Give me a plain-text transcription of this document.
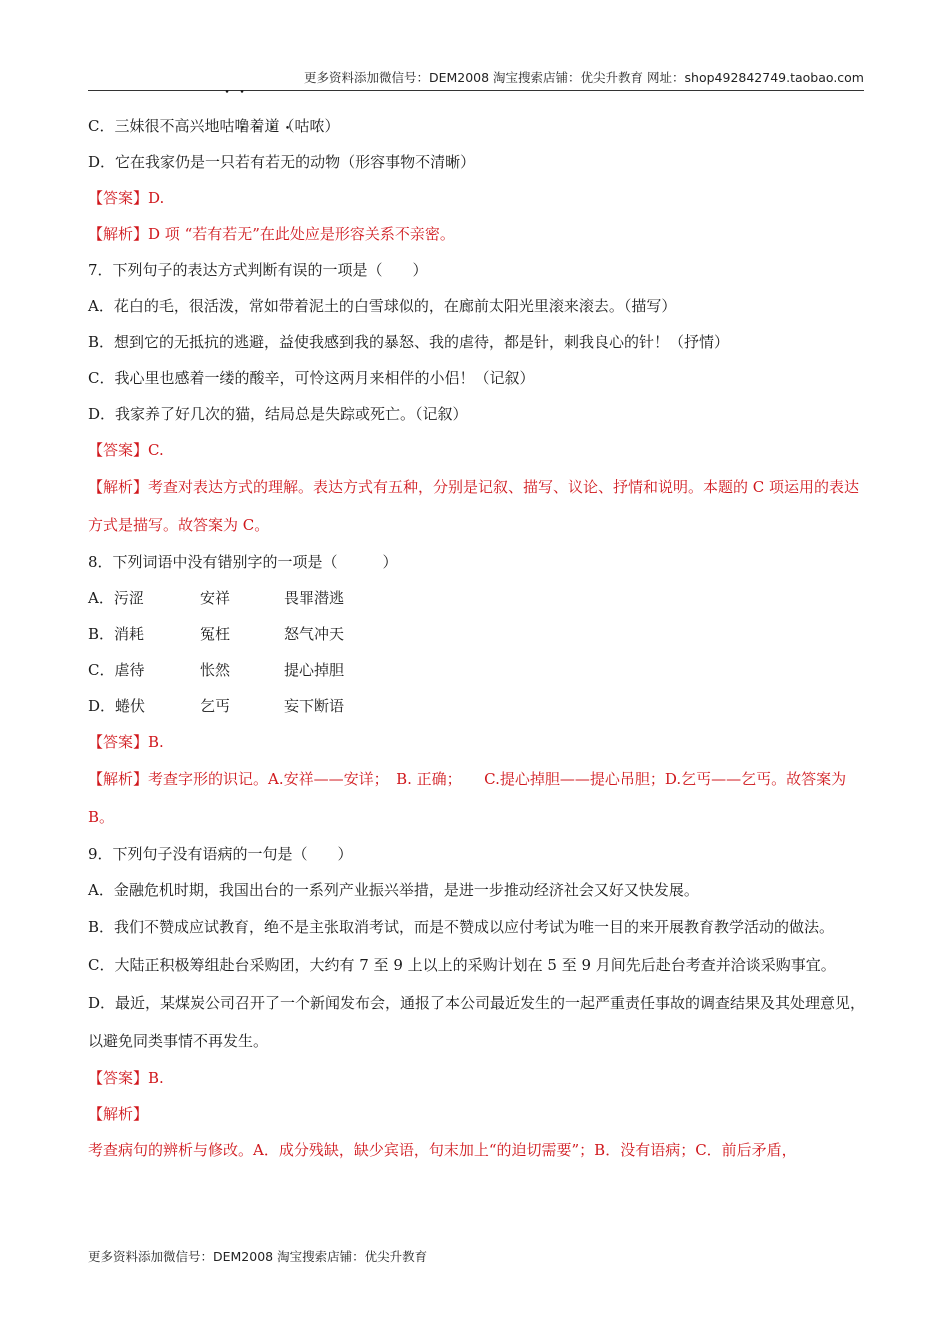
更多资料添加微信号：DEM2008 淘宝搜索店铺：优尖升教育 网址：shop492842749.taobao.com
C．三妹很不高兴地咕噜着道（咕哝）
D．它在我家仍是一只若有若无的动物（形容事物不清晰）
【答案】D.
【解析】D 项 “若有若无”在此处应是形容关系不亲密。
7．下列句子的表达方式判断有误的一项是（　　）
A．花白的毛，很活泼，常如带着泥土的白雪球似的，在廊前太阳光里滚来滚去。（描写）
B．想到它的无抵抗的逃避，益使我感到我的暴怒、我的虐待，都是针，刺我良心的针！（抒情）
C．我心里也感着一缕的酸辛，可怜这两月来相伴的小侣！（记叙）
D．我家养了好几次的猫，结局总是失踪或死亡。（记叙）
【答案】C.
【解析】考查对表达方式的理解。表达方式有五种，分别是记叙、描写、议论、抒情和说明。本题的 C 项运用的表达方式是描写。故答案为 C。
8．下列词语中没有错别字的一项是（　　　）
A．污涩	安祥	畏罪潜逃
B．消耗	冤枉	怒气冲天
C．虐待	怅然	提心掉胆
D．蜷伏	乞丐	妄下断语
【答案】B.
【解析】考查字形的识记。A.安祥——安详；　B. 正确；　　C.提心掉胆——提心吊胆；D.乞丐——乞丐。故答案为 B。
9．下列句子没有语病的一句是（　　）
A．金融危机时期，我国出台的一系列产业振兴举措，是进一步推动经济社会又好又快发展。
B．我们不赞成应试教育，绝不是主张取消考试，而是不赞成以应付考试为唯一目的来开展教育教学活动的做法。
C．大陆正积极筹组赴台采购团，大约有 7 至 9 上以上的采购计划在 5 至 9 月间先后赴台考查并洽谈采购事宜。
D．最近，某煤炭公司召开了一个新闻发布会，通报了本公司最近发生的一起严重责任事故的调查结果及其处理意见，以避免同类事情不再发生。
【答案】B.
【解析】
考查病句的辨析与修改。A．成分残缺，缺少宾语，句末加上“的迫切需要”；B．没有语病；C．前后矛盾，
更多资料添加微信号：DEM2008 淘宝搜索店铺：优尖升教育
